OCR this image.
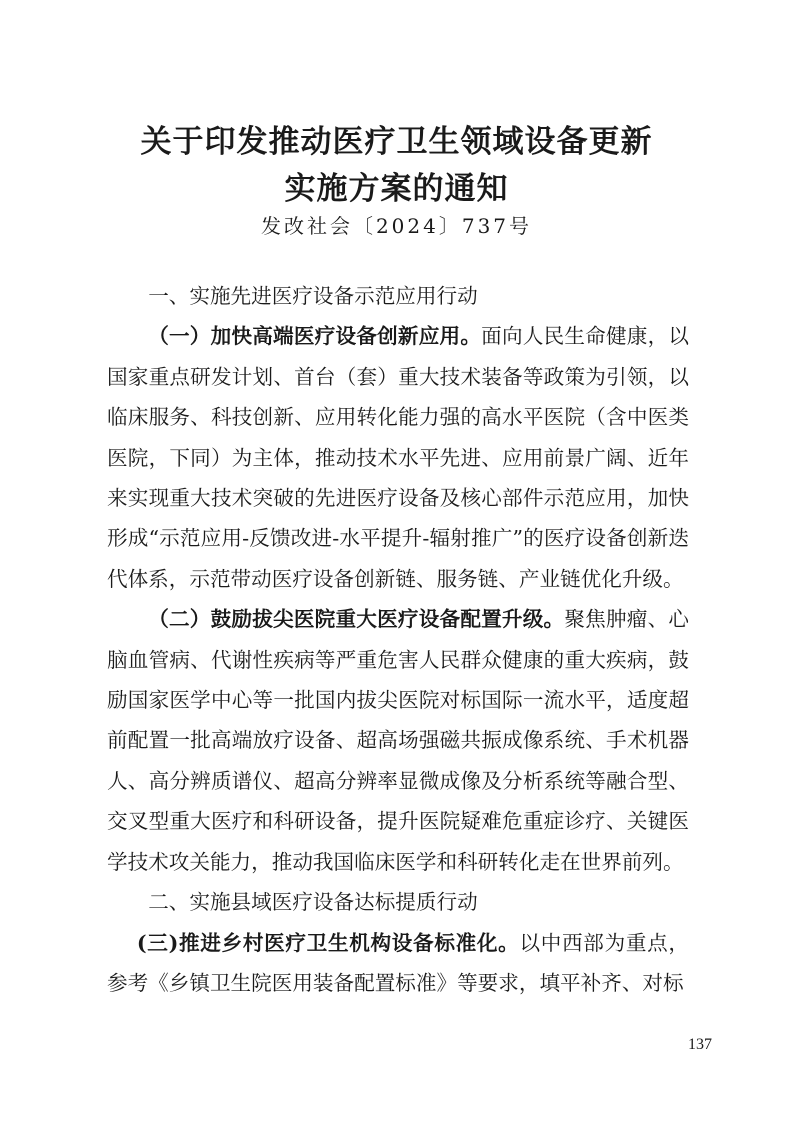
关于印发推动医疗卫生领域设备更新
实施方案的通知
发改社会〔2024〕737号

一、实施先进医疗设备示范应用行动

（一）加快高端医疗设备创新应用。面向人民生命健康，以国家重点研发计划、首台（套）重大技术装备等政策为引领，以临床服务、科技创新、应用转化能力强的高水平医院（含中医类医院，下同）为主体，推动技术水平先进、应用前景广阔、近年来实现重大技术突破的先进医疗设备及核心部件示范应用，加快形成“示范应用-反馈改进-水平提升-辐射推广”的医疗设备创新迭代体系，示范带动医疗设备创新链、服务链、产业链优化升级。

（二）鼓励拔尖医院重大医疗设备配置升级。聚焦肿瘤、心脑血管病、代谢性疾病等严重危害人民群众健康的重大疾病，鼓励国家医学中心等一批国内拔尖医院对标国际一流水平，适度超前配置一批高端放疗设备、超高场强磁共振成像系统、手术机器人、高分辨质谱仪、超高分辨率显微成像及分析系统等融合型、交叉型重大医疗和科研设备，提升医院疑难危重症诊疗、关键医学技术攻关能力，推动我国临床医学和科研转化走在世界前列。

二、实施县域医疗设备达标提质行动

(三)推进乡村医疗卫生机构设备标准化。以中西部为重点，参考《乡镇卫生院医用装备配置标准》等要求，填平补齐、对标

137
